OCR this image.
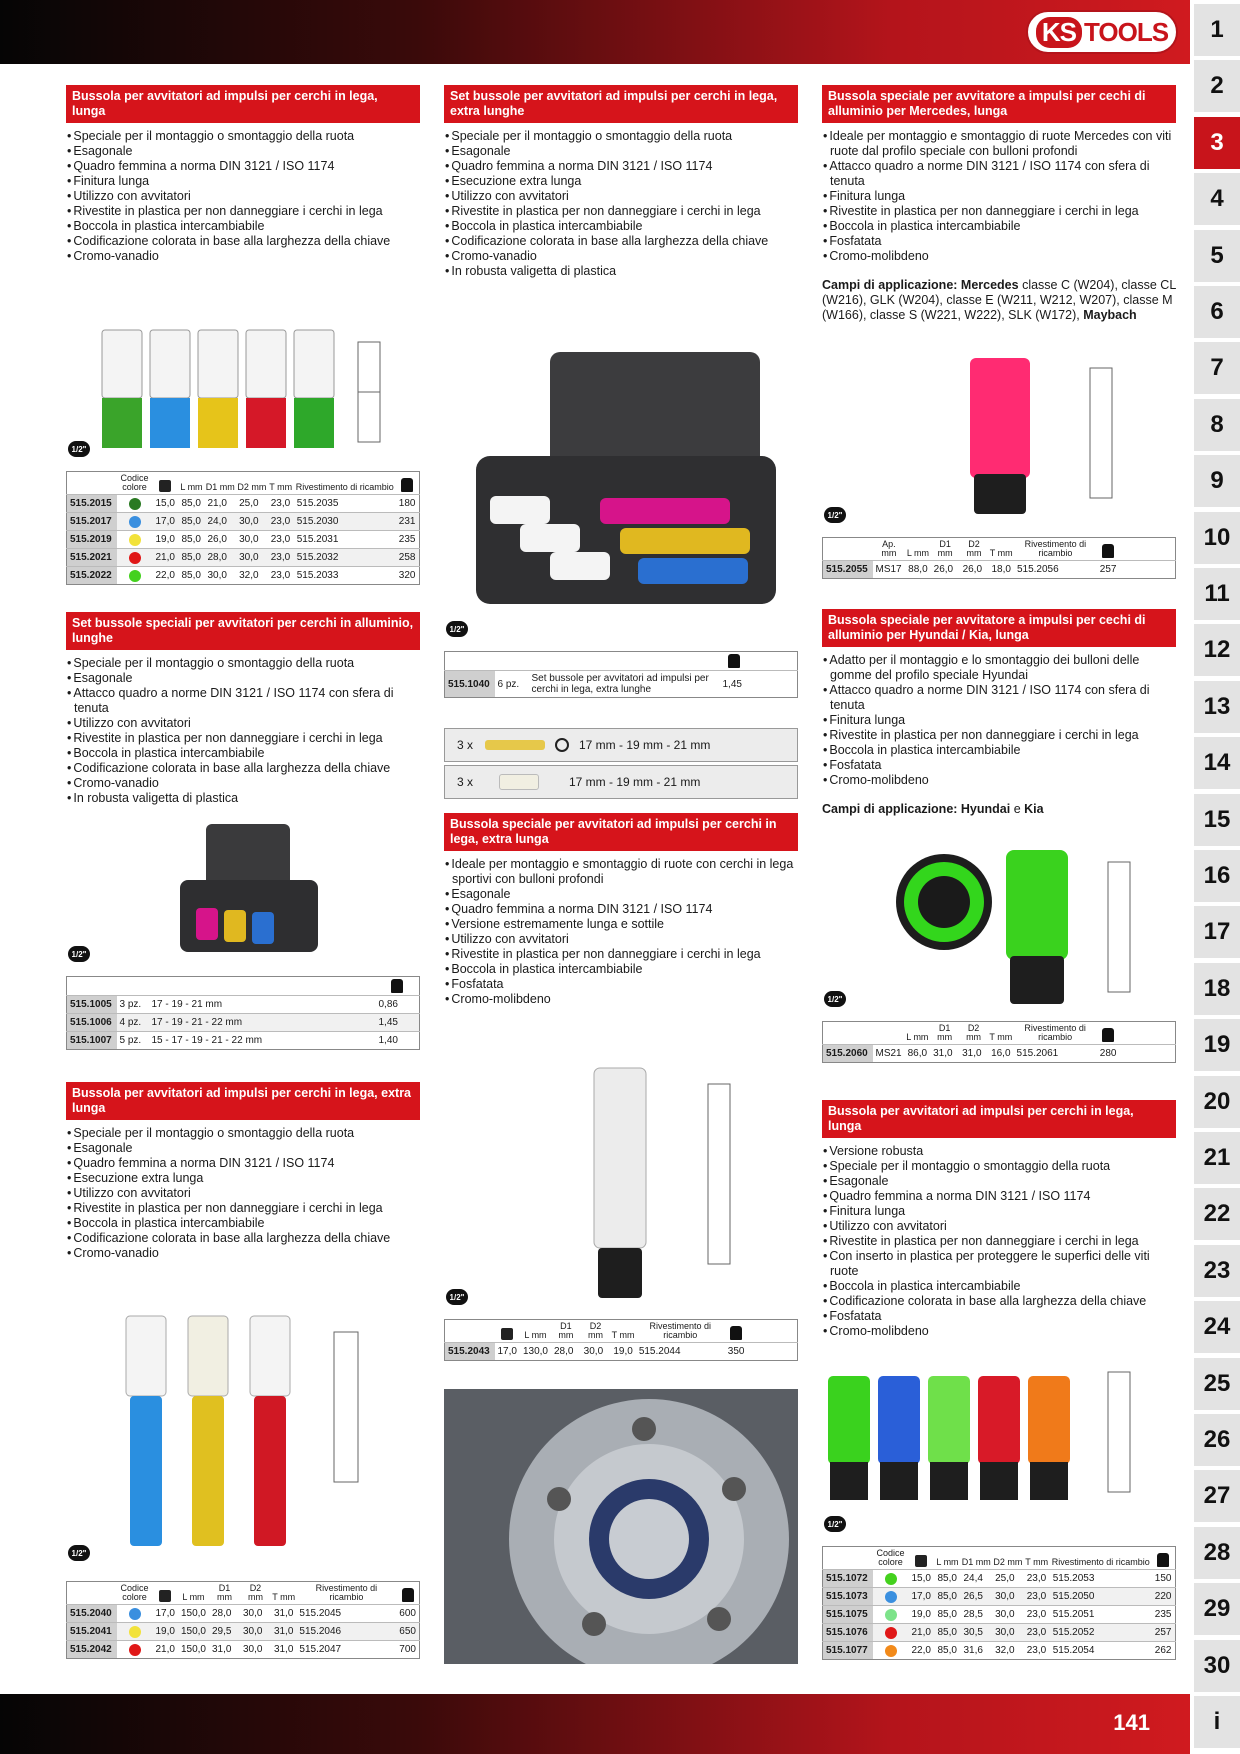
KS TOOLS
141
1
2
3
4
5
6
7
8
9
10
11
12
13
14
15
16
17
18
19
20
21
22
23
24
25
26
27
28
29
30
i
Bussola per avvitatori ad impulsi per cerchi in lega, lunga
• Speciale per il montaggio o smontaggio della ruota
• Esagonale
• Quadro femmina a norma DIN 3121 / ISO 1174
• Finitura lunga
• Utilizzo con avvitatori
• Rivestite in plastica per non danneggiare i cerchi in lega
• Boccola in plastica intercambiabile
• Codificazione colorata in base alla larghezza della chiave
• Cromo-vanadio
1/2"
	Codice colore		L mm	D1 mm	D2 mm	T mm	Rivestimento di ricambio	
515.2015		15,0	85,0	21,0	25,0	23,0	515.2035	180
515.2017		17,0	85,0	24,0	30,0	23,0	515.2030	231
515.2019		19,0	85,0	26,0	30,0	23,0	515.2031	235
515.2021		21,0	85,0	28,0	30,0	23,0	515.2032	258
515.2022		22,0	85,0	30,0	32,0	23,0	515.2033	320
Set bussole speciali per avvitatori per cerchi in alluminio, lunghe
• Speciale per il montaggio o smontaggio della ruota
• Esagonale
• Attacco quadro a norme DIN 3121 / ISO 1174 con sfera di tenuta
• Utilizzo con avvitatori
• Rivestite in plastica per non danneggiare i cerchi in lega
• Boccola in plastica intercambiabile
• Codificazione colorata in base alla larghezza della chiave
• Cromo-vanadio
• In robusta valigetta di plastica
1/2"

515.1005	3 pz.	17 - 19 - 21 mm	0,86
515.1006	4 pz.	17 - 19 - 21 - 22 mm	1,45
515.1007	5 pz.	15 - 17 - 19 - 21 - 22 mm	1,40
Bussola per avvitatori ad impulsi per cerchi in lega, extra lunga
• Speciale per il montaggio o smontaggio della ruota
• Esagonale
• Quadro femmina a norma DIN 3121 / ISO 1174
• Esecuzione extra lunga
• Utilizzo con avvitatori
• Rivestite in plastica per non danneggiare i cerchi in lega
• Boccola in plastica intercambiabile
• Codificazione colorata in base alla larghezza della chiave
• Cromo-vanadio
1/2"
	Codice colore		L mm	D1 mm	D2 mm	T mm	Rivestimento di ricambio	
515.2040		17,0	150,0	28,0	30,0	31,0	515.2045	600
515.2041		19,0	150,0	29,5	30,0	31,0	515.2046	650
515.2042		21,0	150,0	31,0	30,0	31,0	515.2047	700
Set bussole per avvitatori ad impulsi per cerchi in lega, extra lunghe
• Speciale per il montaggio o smontaggio della ruota
• Esagonale
• Quadro femmina a norma DIN 3121 / ISO 1174
• Esecuzione extra lunga
• Utilizzo con avvitatori
• Rivestite in plastica per non danneggiare i cerchi in lega
• Boccola in plastica intercambiabile
• Codificazione colorata in base alla larghezza della chiave
• Cromo-vanadio
• In robusta valigetta di plastica
1/2"

515.1040	6 pz.	Set bussole per avvitatori ad impulsi per cerchi in lega, extra lunghe	1,45	
3 x	17 mm - 19 mm - 21 mm
3 x	17 mm - 19 mm - 21 mm
Bussola speciale per avvitatori ad impulsi per cerchi in lega, extra lunga
• Ideale per montaggio e smontaggio di ruote con cerchi in lega sportivi con bulloni profondi
• Esagonale
• Quadro femmina a norma DIN 3121 / ISO 1174
• Versione estremamente lunga e sottile
• Utilizzo con avvitatori
• Rivestite in plastica per non danneggiare i cerchi in lega
• Boccola in plastica intercambiabile
• Fosfatata
• Cromo-molibdeno
1/2"
		L mm	D1 mm	D2 mm	T mm	Rivestimento di ricambio		
515.2043	17,0	130,0	28,0	30,0	19,0	515.2044	350	
Bussola speciale per avvitatore a impulsi per cechi di alluminio per Mercedes, lunga
• Ideale per montaggio e smontaggio di ruote Mercedes con viti ruote dal profilo speciale con bulloni profondi
• Attacco quadro a norme DIN 3121 / ISO 1174 con sfera di tenuta
• Finitura lunga
• Rivestite in plastica per non danneggiare i cerchi in lega
• Boccola in plastica intercambiabile
• Fosfatata
• Cromo-molibdeno
Campi di applicazione: Mercedes classe C (W204), classe CL (W216), GLK (W204), classe E (W211, W212, W207), classe M (W166), classe S (W221, W222), SLK (W172), Maybach
1/2"
	Ap. mm	L mm	D1 mm	D2 mm	T mm	Rivestimento di ricambio		
515.2055	MS17	88,0	26,0	26,0	18,0	515.2056	257	
Bussola speciale per avvitatore a impulsi per cechi di alluminio per Hyundai / Kia, lunga
• Adatto per il montaggio e lo smontaggio dei bulloni delle gomme del profilo speciale Hyundai
• Attacco quadro a norme DIN 3121 / ISO 1174 con sfera di tenuta
• Finitura lunga
• Rivestite in plastica per non danneggiare i cerchi in lega
• Boccola in plastica intercambiabile
• Fosfatata
• Cromo-molibdeno
Campi di applicazione: Hyundai e Kia
1/2"
		L mm	D1 mm	D2 mm	T mm	Rivestimento di ricambio		
515.2060	MS21	86,0	31,0	31,0	16,0	515.2061	280	
Bussola per avvitatori ad impulsi per cerchi in lega, lunga
• Versione robusta
• Speciale per il montaggio o smontaggio della ruota
• Esagonale
• Quadro femmina a norma DIN 3121 / ISO 1174
• Finitura lunga
• Utilizzo con avvitatori
• Rivestite in plastica per non danneggiare i cerchi in lega
• Con inserto in plastica per proteggere le superfici delle viti ruote
• Boccola in plastica intercambiabile
• Codificazione colorata in base alla larghezza della chiave
• Fosfatata
• Cromo-molibdeno
1/2"
	Codice colore		L mm	D1 mm	D2 mm	T mm	Rivestimento di ricambio	
515.1072		15,0	85,0	24,4	25,0	23,0	515.2053	150
515.1073		17,0	85,0	26,5	30,0	23,0	515.2050	220
515.1075		19,0	85,0	28,5	30,0	23,0	515.2051	235
515.1076		21,0	85,0	30,5	30,0	23,0	515.2052	257
515.1077		22,0	85,0	31,6	32,0	23,0	515.2054	262
